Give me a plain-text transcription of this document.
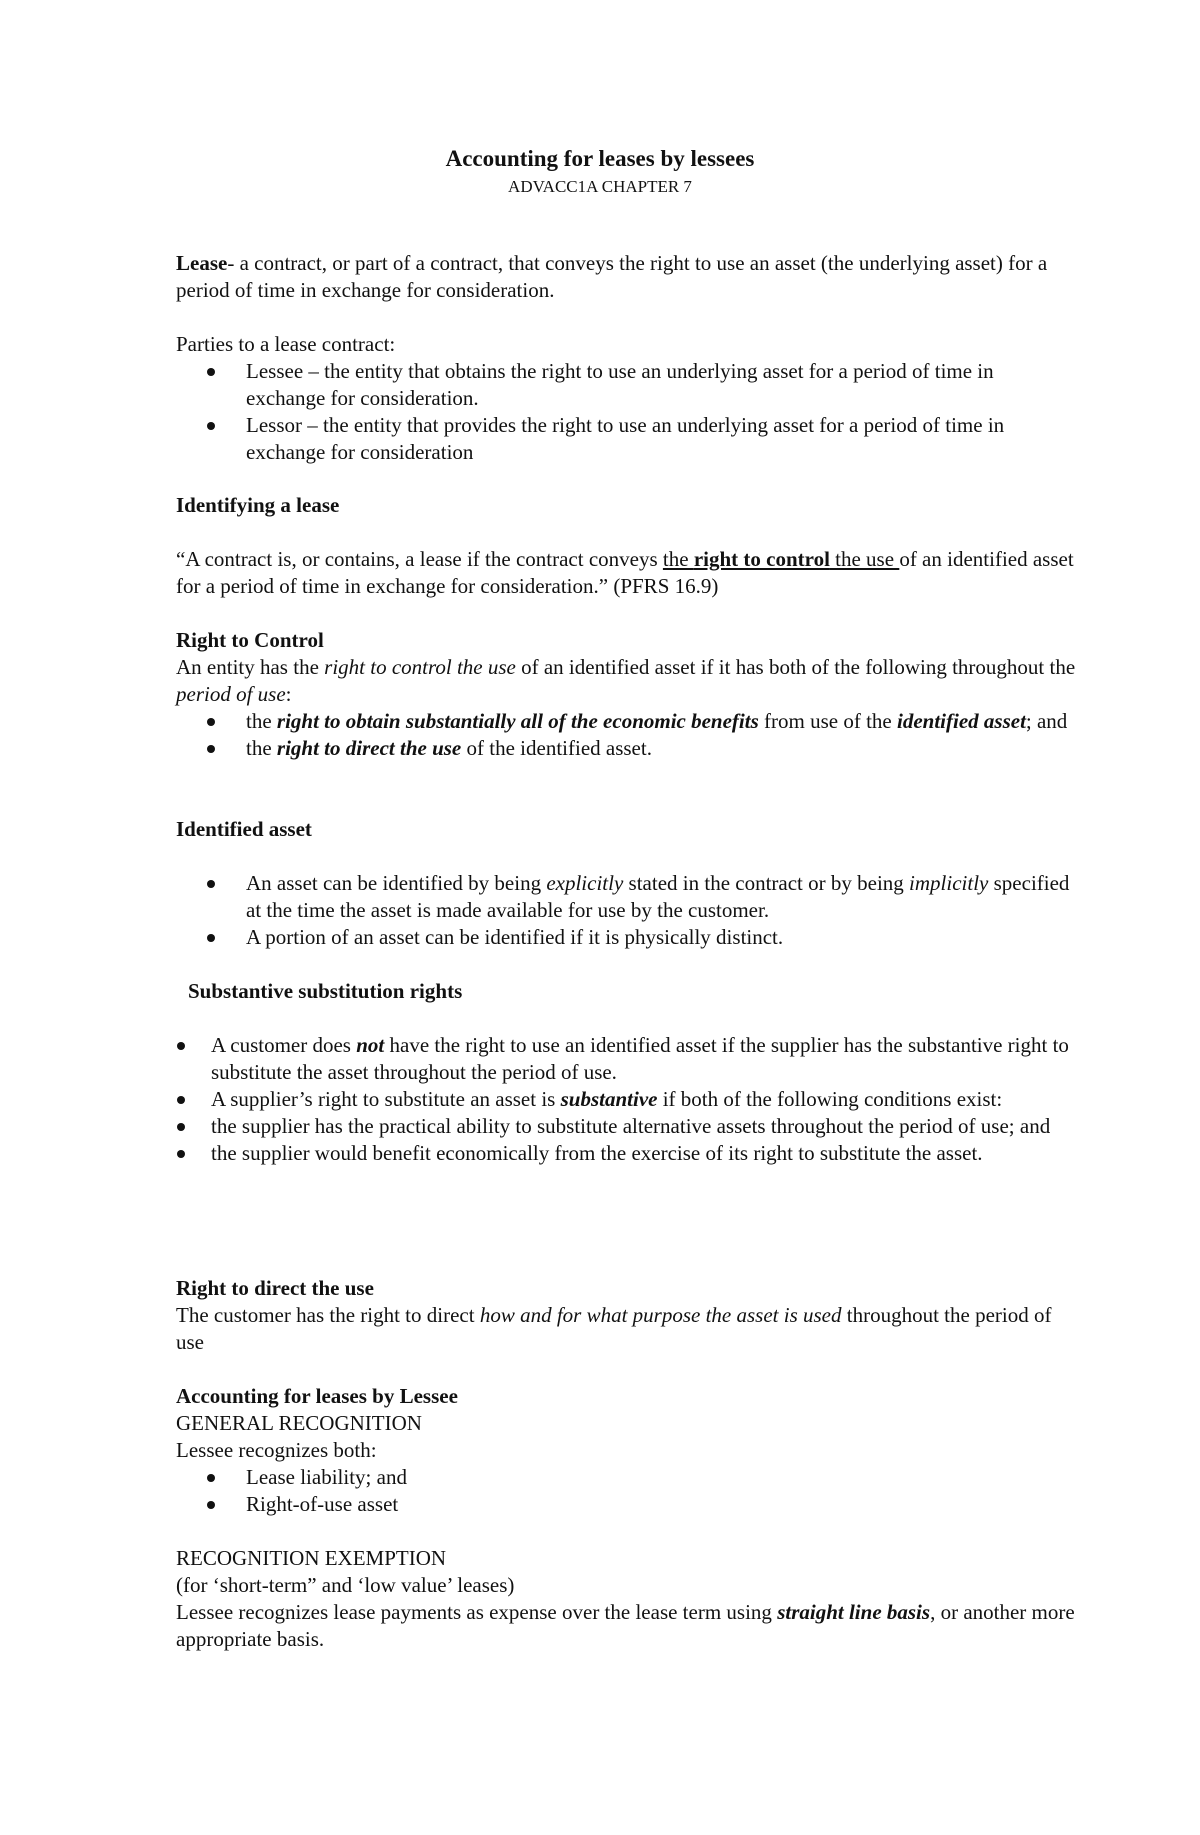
Accounting for leases by lessees
ADVACC1A CHAPTER 7

Lease- a contract, or part of a contract, that conveys the right to use an asset (the underlying asset) for a period of time in exchange for consideration.

Parties to a lease contract:

Lessee – the entity that obtains the right to use an underlying asset for a period of time in exchange for consideration.
Lessor – the entity that provides the right to use an underlying asset for a period of time in exchange for consideration

Identifying a lease

“A contract is, or contains, a lease if the contract conveys the right to control the use of an identified asset for a period of time in exchange for consideration.” (PFRS 16.9)

Right to Control

An entity has the right to control the use of an identified asset if it has both of the following throughout the period of use:

the right to obtain substantially all of the economic benefits from use of the identified asset; and
the right to direct the use of the identified asset.

Identified asset

An asset can be identified by being explicitly stated in the contract or by being implicitly specified at the time the asset is made available for use by the customer.
A portion of an asset can be identified if it is physically distinct.

Substantive substitution rights

A customer does not have the right to use an identified asset if the supplier has the substantive right to substitute the asset throughout the period of use.
A supplier’s right to substitute an asset is substantive if both of the following conditions exist:
the supplier has the practical ability to substitute alternative assets throughout the period of use; and
the supplier would benefit economically from the exercise of its right to substitute the asset.

Right to direct the use

The customer has the right to direct how and for what purpose the asset is used throughout the period of use

Accounting for leases by Lessee

GENERAL RECOGNITION

Lessee recognizes both:

Lease liability; and
Right-of-use asset

RECOGNITION EXEMPTION

(for ‘short-term” and ‘low value’ leases)

Lessee recognizes lease payments as expense over the lease term using straight line basis, or another more appropriate basis.
